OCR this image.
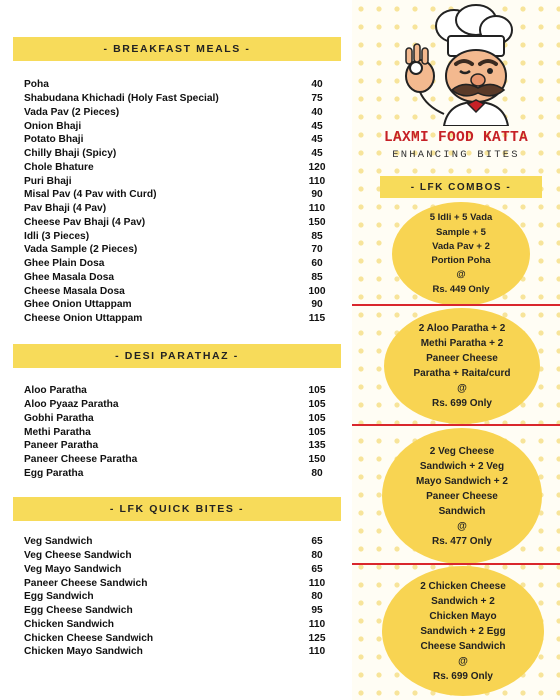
- BREAKFAST MEALS -
Poha	40
Shabudana Khichadi (Holy Fast Special)	75
Vada Pav (2 Pieces)	40
Onion Bhaji	45
Potato Bhaji	45
Chilly Bhaji (Spicy)	45
Chole Bhature	120
Puri Bhaji	110
Misal Pav (4 Pav with Curd)	90
Pav Bhaji (4 Pav)	110
Cheese Pav Bhaji (4 Pav)	150
Idli (3 Pieces)	85
Vada Sample (2 Pieces)	70
Ghee Plain Dosa	60
Ghee Masala Dosa	85
Cheese Masala Dosa	100
Ghee Onion Uttappam	90
Cheese Onion Uttappam	115
- DESI PARATHAZ -
Aloo Paratha	105
Aloo Pyaaz Paratha	105
Gobhi Paratha	105
Methi Paratha	105
Paneer Paratha	135
Paneer Cheese Paratha	150
Egg Paratha	80
- LFK QUICK BITES -
Veg Sandwich	65
Veg Cheese Sandwich	80
Veg Mayo Sandwich	65
Paneer Cheese Sandwich	110
Egg Sandwich	80
Egg Cheese Sandwich	95
Chicken Sandwich	110
Chicken Cheese Sandwich	125
Chicken Mayo Sandwich	110
LAXMI FOOD KATTA
ENHANCING BITES
- LFK COMBOS -
5 Idli + 5 Vada
Sample + 5
Vada Pav + 2
Portion Poha
@
Rs. 449 Only
2 Aloo Paratha + 2
Methi Paratha + 2
Paneer Cheese
Paratha + Raita/curd
@
Rs. 699 Only
2 Veg Cheese
Sandwich + 2 Veg
Mayo Sandwich + 2
Paneer Cheese
Sandwich
@
Rs. 477 Only
2 Chicken Cheese
Sandwich + 2
Chicken Mayo
Sandwich + 2 Egg
Cheese Sandwich
@
Rs. 699 Only
